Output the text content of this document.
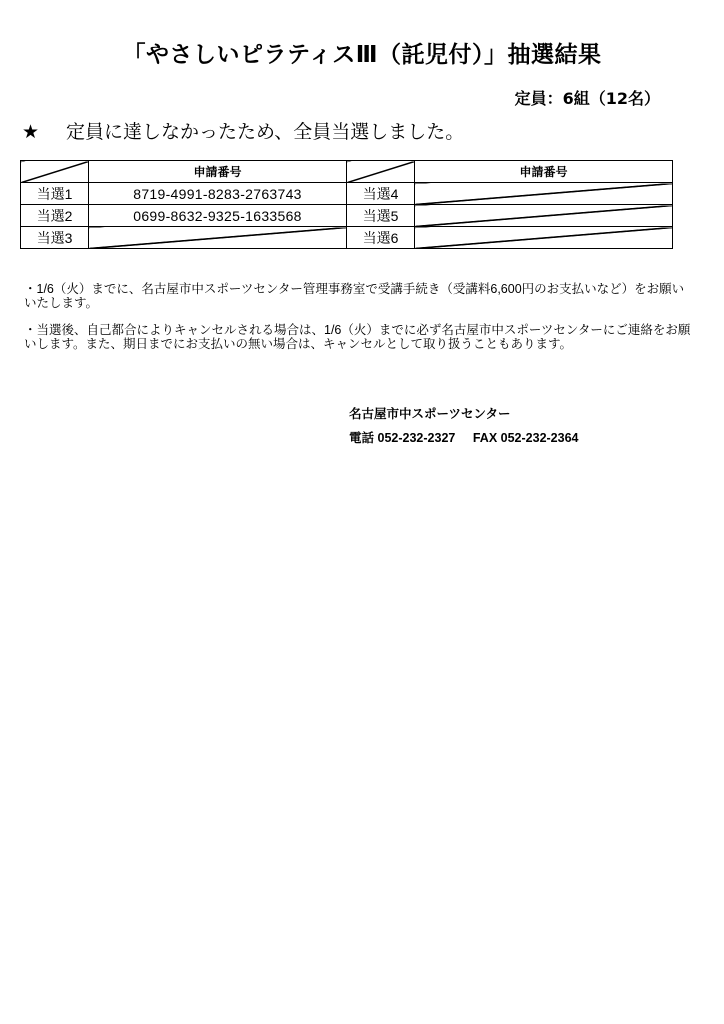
「やさしいピラティスⅢ（託児付）」抽選結果
定員：6組（12名）
★ 定員に達しなかったため、全員当選しました。
	申請番号		申請番号
当選1	8719-4991-8283-2763743	当選4	
当選2	0699-8632-9325-1633568	当選5	
当選3		当選6	
・1/6（火）までに、名古屋市中スポーツセンター管理事務室で受講手続き（受講料6,600円のお支払いなど）をお願いいたします。
・当選後、自己都合によりキャンセルされる場合は、1/6（火）までに必ず名古屋市中スポーツセンターにご連絡をお願いします。また、期日までにお支払いの無い場合は、キャンセルとして取り扱うこともあります。
名古屋市中スポーツセンター
電話 052-232-2327 FAX 052-232-2364
